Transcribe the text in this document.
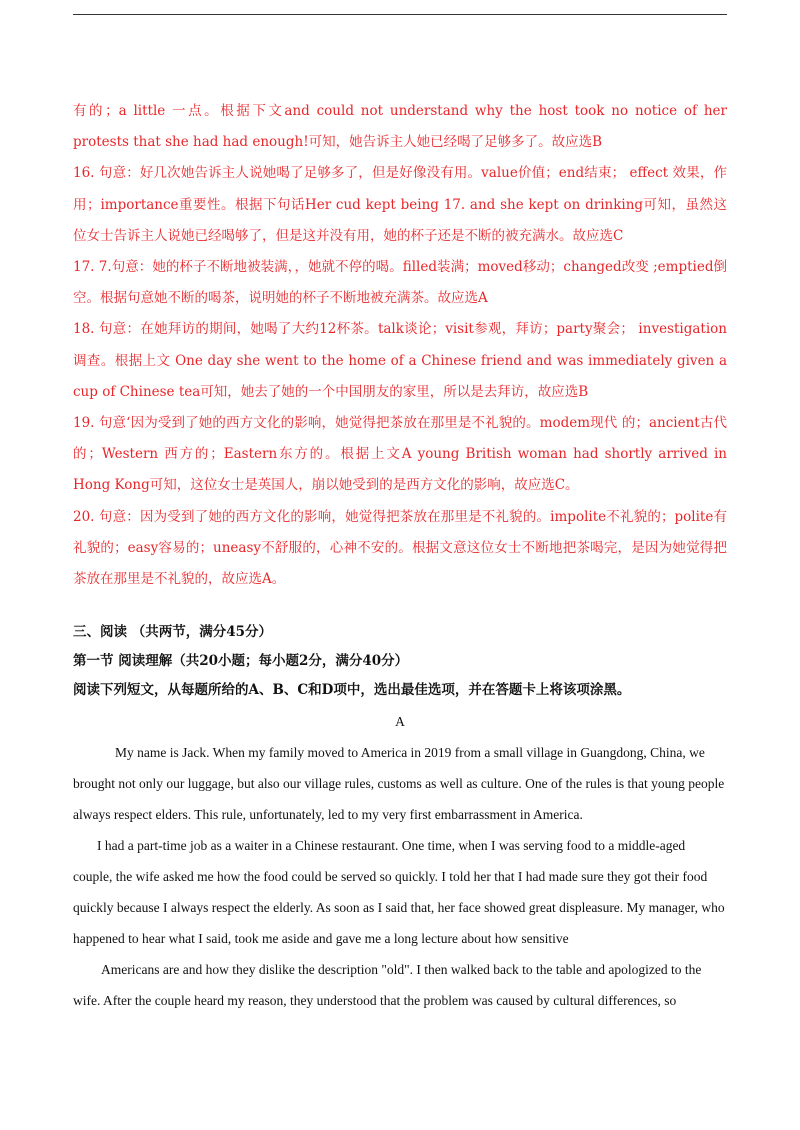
有的；a little 一点。根据下文and could not understand why the host took no notice of her protests that she had had enough!可知，她告诉主人她已经喝了足够多了。故应选B

16. 句意：好几次她告诉主人说她喝了足够多了，但是好像没有用。value价值；end结束； effect 效果，作用；importance重要性。根据下句话Her cud kept being 17. and she kept on drinking可知，虽然这位女士告诉主人说她已经喝够了，但是这并没有用，她的杯子还是不断的被充满水。故应选C

17. 7.句意：她的杯子不断地被装满，，她就不停的喝。filled装满；moved移动；changed改变 ;emptied倒空。根据句意她不断的喝茶，说明她的杯子不断地被充满茶。故应选A

18. 句意：在她拜访的期间，她喝了大约12杯茶。talk谈论；visit参观，拜访；party聚会； investigation调查。根据上文 One day she went to the home of a Chinese friend and was immediately given a cup of Chinese tea可知，她去了她的一个中国朋友的家里，所以是去拜访，故应选B

19. 句意‘因为受到了她的西方文化的影响，她觉得把茶放在那里是不礼貌的。modem现代 的；ancient古代的；Western 西方的；Eastern东方的。根据上文A young British woman had shortly arrived in Hong Kong可知，这位女士是英国人，崩以她受到的是西方文化的影响，故应选C。

20. 句意：因为受到了她的西方文化的影响，她觉得把茶放在那里是不礼貌的。impolite不礼貌的；polite有礼貌的；easy容易的；uneasy不舒服的，心神不安的。根据文意这位女士不断地把茶喝完，是因为她觉得把茶放在那里是不礼貌的，故应选A。

三、阅读 （共两节，满分45分）

第一节 阅读理解（共20小题；每小题2分，满分40分）

阅读下列短文，从每题所给的A、B、C和D项中，选出最佳选项，并在答题卡上将该项涂黑。

A

My name is Jack. When my family moved to America in 2019 from a small village in Guangdong, China, we brought not only our luggage, but also our village rules, customs as well as culture. One of the rules is that young people always respect elders. This rule, unfortunately, led to my very first embarrassment in America.

I had a part-time job as a waiter in a Chinese restaurant. One time, when I was serving food to a middle-aged couple, the wife asked me how the food could be served so quickly. I told her that I had made sure they got their food quickly because I always respect the elderly. As soon as I said that, her face showed great displeasure. My manager, who happened to hear what I said, took me aside and gave me a long lecture about how sensitive

Americans are and how they dislike the description "old". I then walked back to the table and apologized to the wife. After the couple heard my reason, they understood that the problem was caused by cultural differences, so
